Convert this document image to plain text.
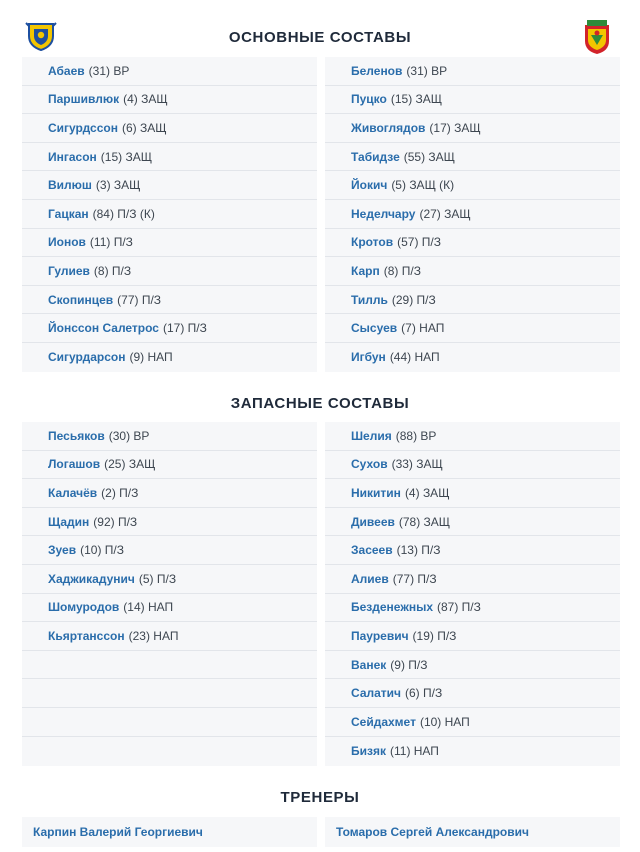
ОСНОВНЫЕ СОСТАВЫ
ЗАПАСНЫЕ СОСТАВЫ
ТРЕНЕРЫ
Абаев (31) ВР
Паршивлюк (4) ЗАЩ
Сигурдссон (6) ЗАЩ
Ингасон (15) ЗАЩ
Вилюш (3) ЗАЩ
Гацкан (84) П/З (К)
Ионов (11) П/З
Гулиев (8) П/З
Скопинцев (77) П/З
Йонссон Салетрос (17) П/З
Сигурдарсон (9) НАП
Беленов (31) ВР
Пуцко (15) ЗАЩ
Живоглядов (17) ЗАЩ
Табидзе (55) ЗАЩ
Йокич (5) ЗАЩ (К)
Неделчару (27) ЗАЩ
Кротов (57) П/З
Карп (8) П/З
Тилль (29) П/З
Сысуев (7) НАП
Игбун (44) НАП
Песьяков (30) ВР
Логашов (25) ЗАЩ
Калачёв (2) П/З
Щадин (92) П/З
Зуев (10) П/З
Хаджикадунич (5) П/З
Шомуродов (14) НАП
Кьяртанссон (23) НАП
Шелия (88) ВР
Сухов (33) ЗАЩ
Никитин (4) ЗАЩ
Дивеев (78) ЗАЩ
Засеев (13) П/З
Алиев (77) П/З
Безденежных (87) П/З
Пауревич (19) П/З
Ванек (9) П/З
Салатич (6) П/З
Сейдахмет (10) НАП
Бизяк (11) НАП
Карпин Валерий Георгиевич	Томаров Сергей Александрович
